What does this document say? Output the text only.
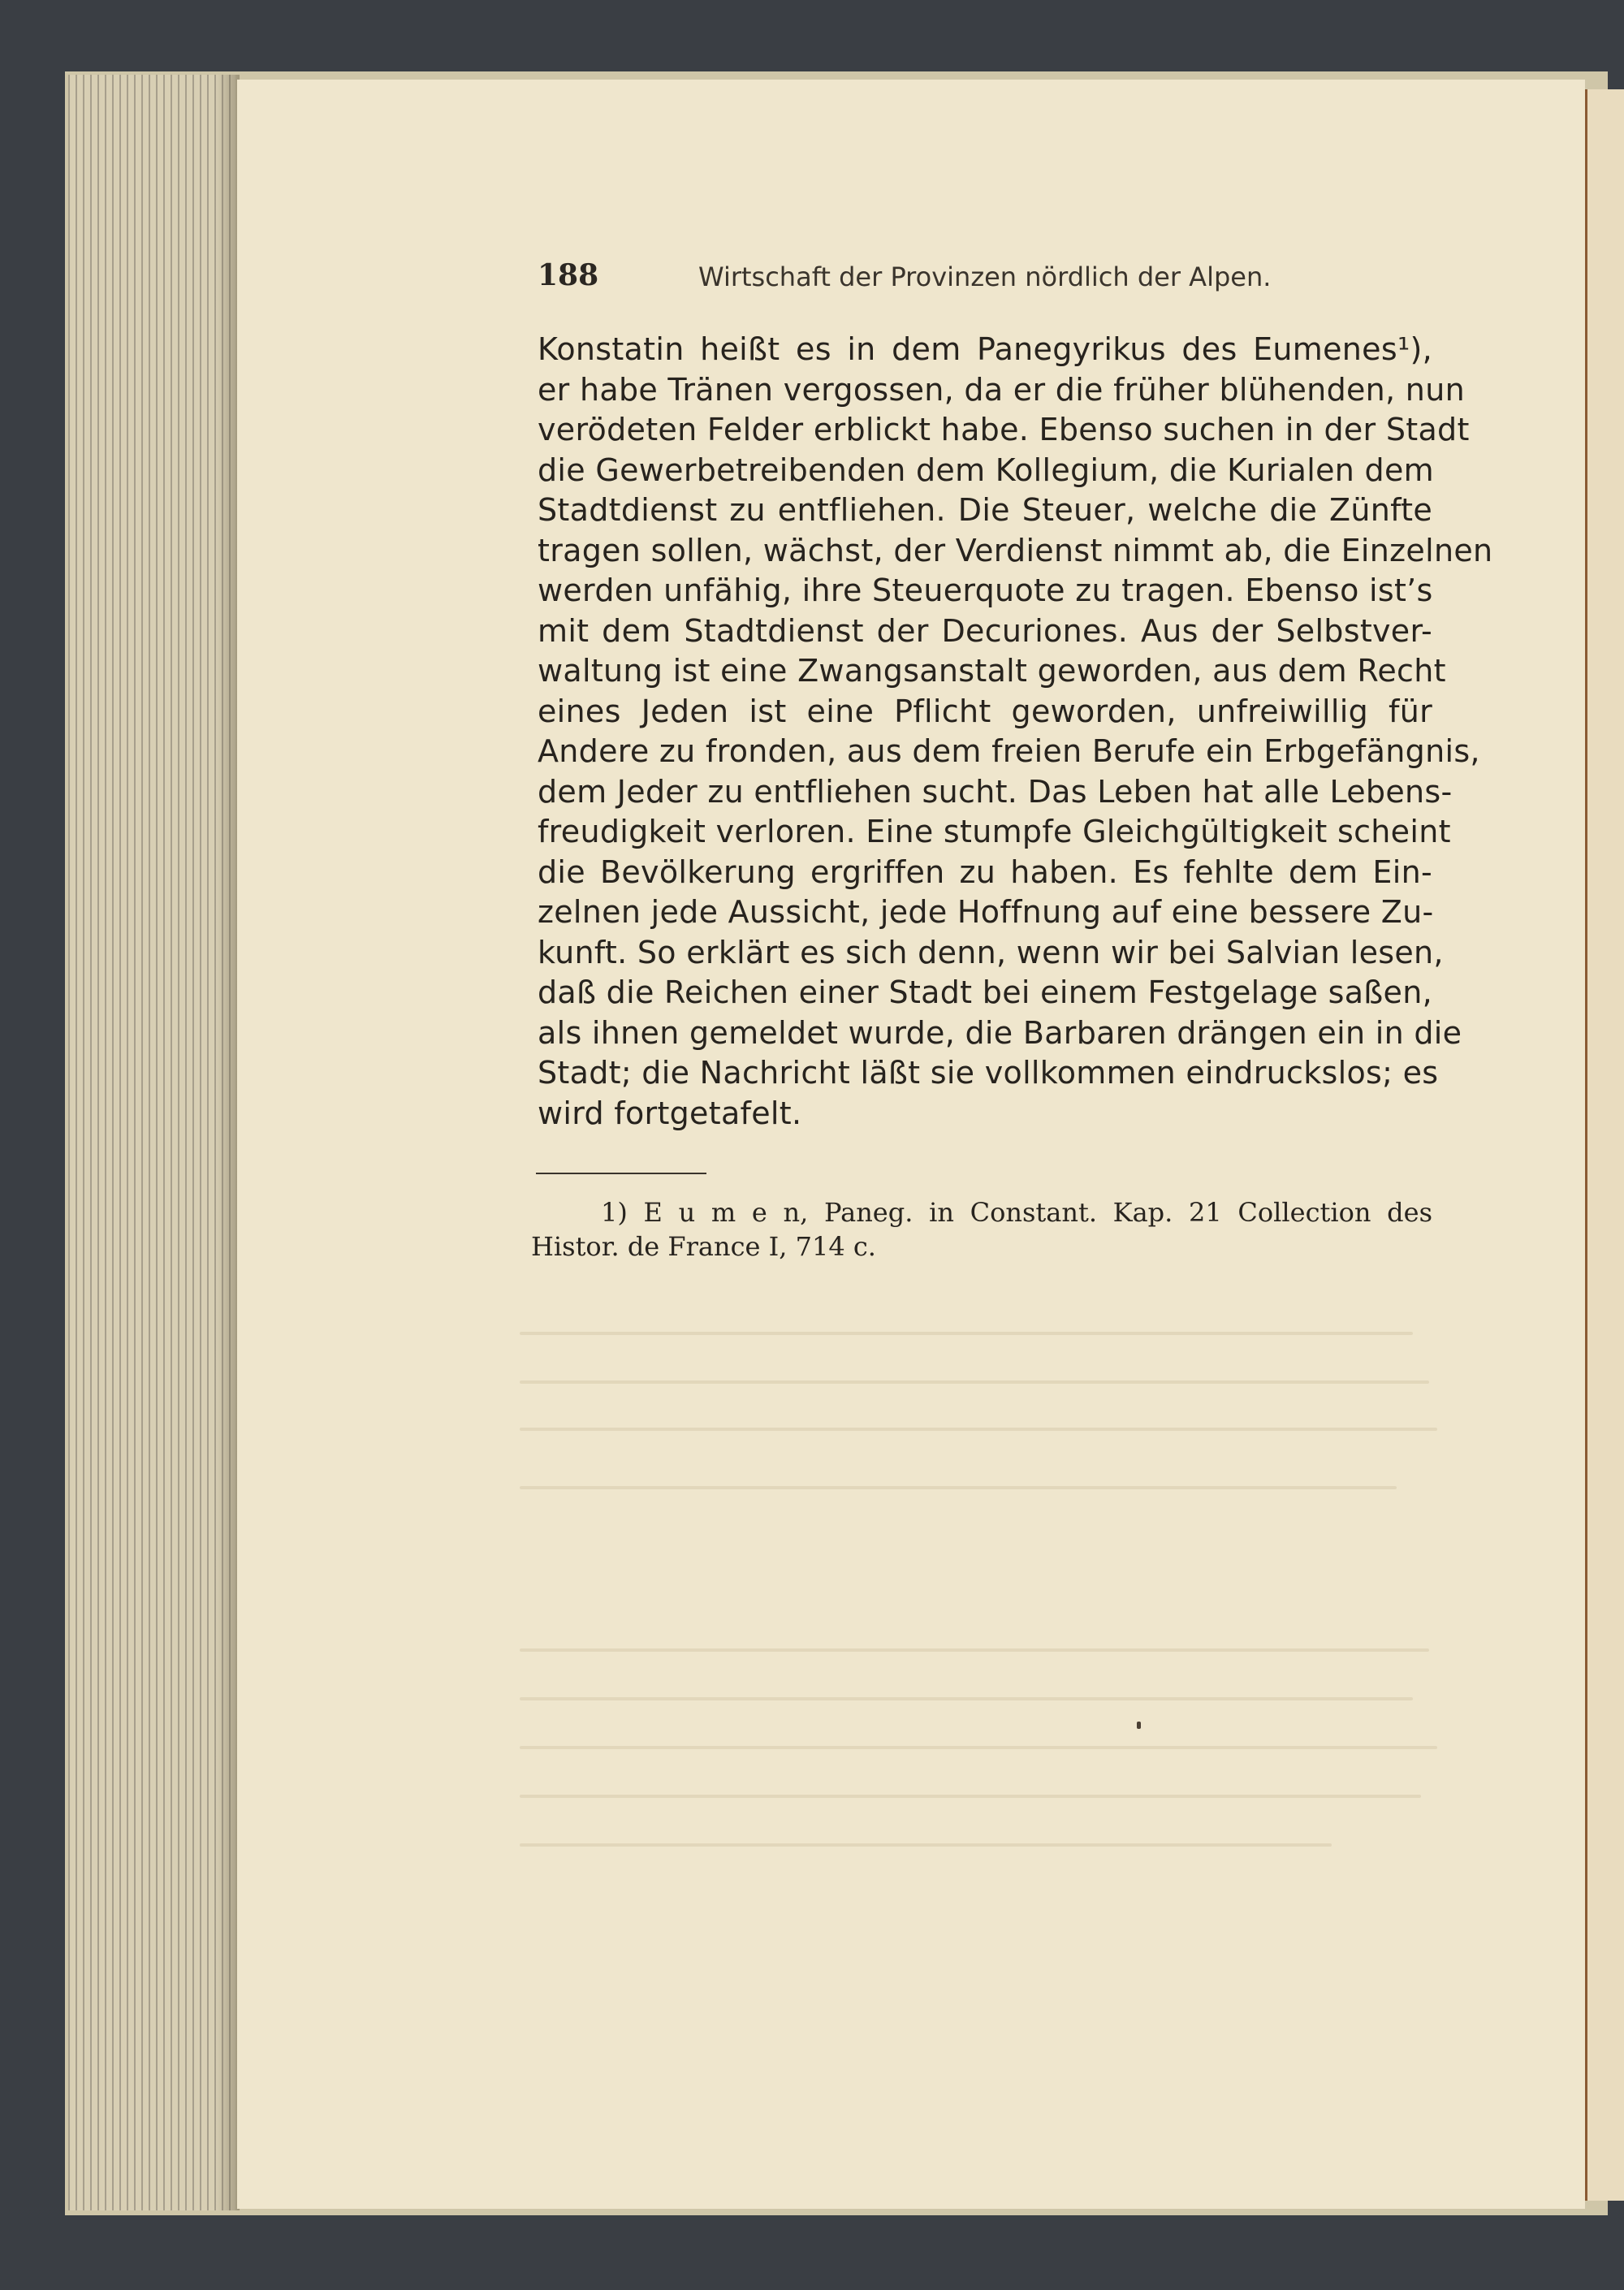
188	Wirtschaft der Provinzen nördlich der Alpen.

Konstatin heißt es in dem Panegyrikus des Eumenes¹),

er habe Tränen vergossen, da er die früher blühenden, nun

verödeten Felder erblickt habe. Ebenso suchen in der Stadt

die Gewerbetreibenden dem Kollegium, die Kurialen dem

Stadtdienst zu entfliehen. Die Steuer, welche die Zünfte

tragen sollen, wächst, der Verdienst nimmt ab, die Einzelnen

werden unfähig, ihre Steuerquote zu tragen. Ebenso ist’s

mit dem Stadtdienst der Decuriones. Aus der Selbstver-

waltung ist eine Zwangsanstalt geworden, aus dem Recht

eines Jeden ist eine Pflicht geworden, unfreiwillig für

Andere zu fronden, aus dem freien Berufe ein Erbgefängnis,

dem Jeder zu entfliehen sucht. Das Leben hat alle Lebens-

freudigkeit verloren. Eine stumpfe Gleichgültigkeit scheint

die Bevölkerung ergriffen zu haben. Es fehlte dem Ein-

zelnen jede Aussicht, jede Hoffnung auf eine bessere Zu-

kunft. So erklärt es sich denn, wenn wir bei Salvian lesen,

daß die Reichen einer Stadt bei einem Festgelage saßen,

als ihnen gemeldet wurde, die Barbaren drängen ein in die

Stadt; die Nachricht läßt sie vollkommen eindruckslos; es

wird fortgetafelt.

1) E u m e n, Paneg. in Constant. Kap. 21 Collection des

Histor. de France I, 714 c.
